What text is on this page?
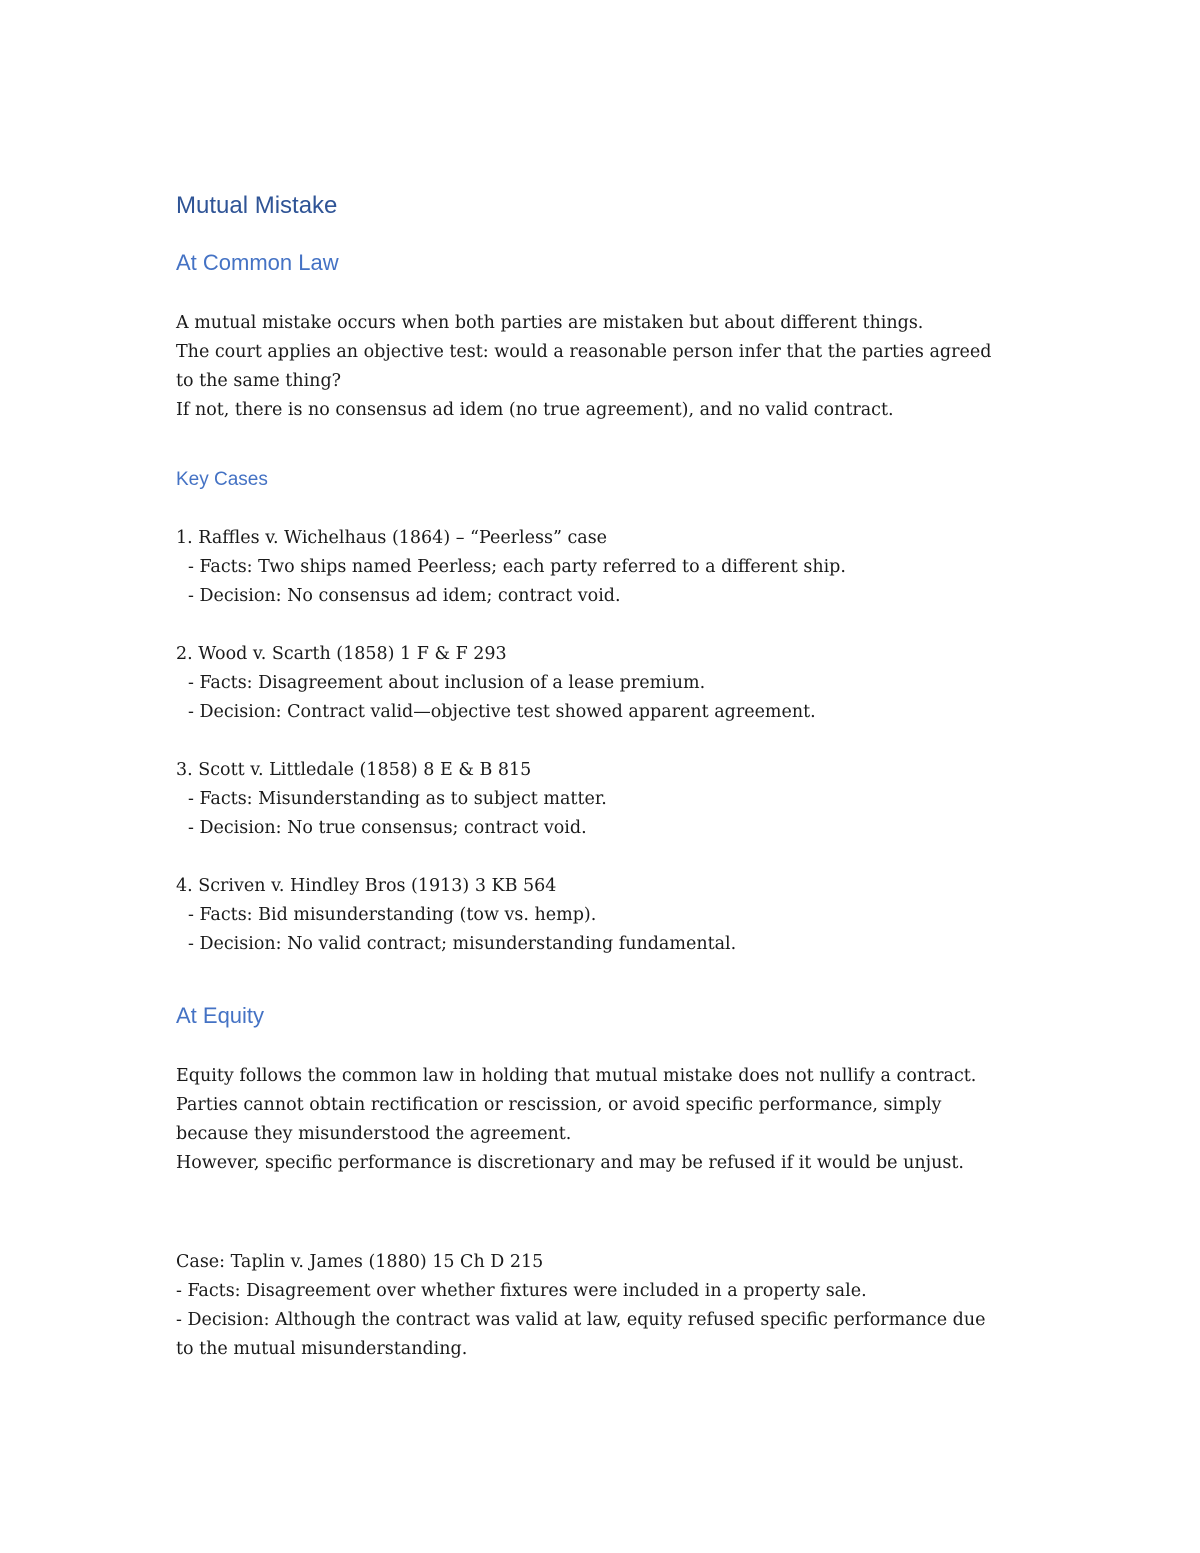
Mutual Mistake
At Common Law

A mutual mistake occurs when both parties are mistaken but about different things.

The court applies an objective test: would a reasonable person infer that the parties agreed

to the same thing?

If not, there is no consensus ad idem (no true agreement), and no valid contract.

Key Cases

1. Raffles v. Wichelhaus (1864) – “Peerless” case

- Facts: Two ships named Peerless; each party referred to a different ship.

- Decision: No consensus ad idem; contract void.

2. Wood v. Scarth (1858) 1 F & F 293

- Facts: Disagreement about inclusion of a lease premium.

- Decision: Contract valid—objective test showed apparent agreement.

3. Scott v. Littledale (1858) 8 E & B 815

- Facts: Misunderstanding as to subject matter.

- Decision: No true consensus; contract void.

4. Scriven v. Hindley Bros (1913) 3 KB 564

- Facts: Bid misunderstanding (tow vs. hemp).

- Decision: No valid contract; misunderstanding fundamental.

At Equity

Equity follows the common law in holding that mutual mistake does not nullify a contract.

Parties cannot obtain rectification or rescission, or avoid specific performance, simply

because they misunderstood the agreement.

However, specific performance is discretionary and may be refused if it would be unjust.

Case: Taplin v. James (1880) 15 Ch D 215

- Facts: Disagreement over whether fixtures were included in a property sale.

- Decision: Although the contract was valid at law, equity refused specific performance due

to the mutual misunderstanding.
